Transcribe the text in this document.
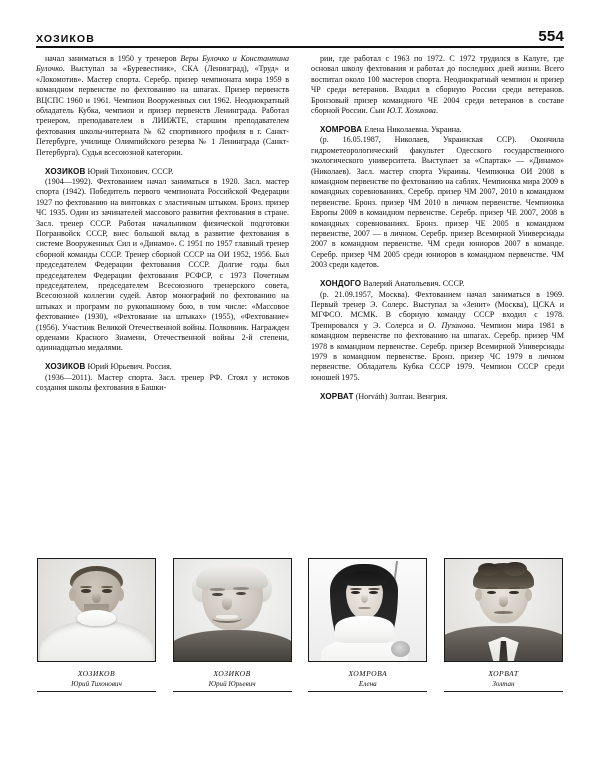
ХОЗИКОВ	554

начал заниматься в 1950 у тренеров Веры Булочко и Константина Булочко. Выступал за «Буревестник», СКА (Ленинград), «Труд» и «Локомотив». Мастер спорта. Серебр. призер чемпионата мира 1959 в командном первенстве по фехтованию на шпагах. Призер первенств ВЦСПС 1960 и 1961. Чемпион Вооруженных сил 1962. Неоднократный обладатель Кубка, чемпион и призер первенств Ленинграда. Работал тренером, преподавателем в ЛИИЖТЕ, старшим преподавателем фехтования школы-интерната № 62 спортивного профиля в г. Санкт-Петербурге, училище Олимпийского резерва № 1 Ленинграда (Санкт-Петербурга). Судья всесоюзной категории.

ХОЗИКОВ Юрий Тихонович. СССР.

(1904—1992). Фехтованием начал заниматься в 1920. Засл. мастер спорта (1942). Победитель первого чемпионата Российской Федерации 1927 по фехтованию на винтовках с эластичным штыком. Бронз. призер ЧС 1935. Один из зачинателей массового развития фехтования в стране. Засл. тренер СССР. Работая начальником физической подготовки Погранвойск СССР, внес большой вклад в развитие фехтования в системе Вооруженных Сил и «Динамо». С 1951 по 1957 главный тренер сборной команды СССР. Тренер сборной СССР на ОИ 1952, 1956. Был председателем Федерации фехтования СССР. Долгие годы был председателем Федерации фехтования РСФСР, с 1973 Почетным председателем, председателем Всесоюзного тренерского совета, Всесоюзной коллегии судей. Автор монографий по фехтованию на штыках и программ по рукопашному бою, в том числе: «Массовое фехтование» (1930), «Фехтование на штыках» (1955), «Фехтование» (1956). Участник Великой Отечественной войны. Полковник. Награжден орденами Красного Знамени, Отечественной войны 2-й степени, одиннадцатью медалями.

ХОЗИКОВ Юрий Юрьевич. Россия.

(1936—2011). Мастер спорта. Засл. тренер РФ. Стоял у истоков создания школы фехтования в Башки-

рии, где работал с 1963 по 1972. С 1972 трудился в Калуге, где основал школу фехтования и работал до последних дней жизни. Всего воспитал около 100 мастеров спорта. Неоднократный чемпион и призер ЧР среди ветеранов. Входил в сборную России среди ветеранов. Бронзовый призер командного ЧЕ 2004 среди ветеранов в составе сборной России. Сын Ю.Т. Хозикова.

ХОМРОВА Елена Николаевна. Украина.

(р. 16.05.1987, Николаев, Украинская ССР). Окончила гидрометеорологический факультет Одесского государственного экологического университета. Выступает за «Спартак» — «Динамо» (Николаев). Засл. мастер спорта Украины. Чемпионка ОИ 2008 в командном первенстве по фехтованию на саблях. Чемпионка мира 2009 в командных соревнованиях. Серебр. призер ЧМ 2007, 2010 в командном первенстве. Бронз. призер ЧМ 2010 в личном первенстве. Чемпионка Европы 2009 в командном первенстве. Серебр. призер ЧЕ 2007, 2008 в командных соревнованиях. Бронз. призер ЧЕ 2005 в командном первенстве, 2007 — в личном. Серебр. призер Всемирной Универсиады 2007 в командном первенстве. ЧМ среди юниоров 2007 в команде. Серебр. призер ЧМ 2005 среди юниоров в командном первенстве. ЧМ 2003 среди кадетов.

ХОНДОГО Валерий Анатольевич. СССР.

(р. 21.09.1957, Москва). Фехтованием начал заниматься в 1969. Первый тренер Э. Солерс. Выступал за «Зенит» (Москва), ЦСКА и МГФСО. МСМК. В сборную команду СССР входил с 1978. Тренировался у Э. Солерса и О. Пузанова. Чемпион мира 1981 в командном первенстве по фехтованию на шпагах. Серебр. призер ЧМ 1978 в командном первенстве. Серебр. призер Всемирной Универсиады 1979 в командном первенстве. Бронз. призер ЧС 1979 в личном первенстве. Обладатель Кубка СССР 1979. Чемпион СССР среди юношей 1975.

ХОРВАТ (Horváth) Золтан. Венгрия.

ХОЗИКОВ
Юрий Тихонович
ХОЗИКОВ
Юрий Юрьевич
ХОМРОВА
Елена
ХОРВАТ
Золтан
